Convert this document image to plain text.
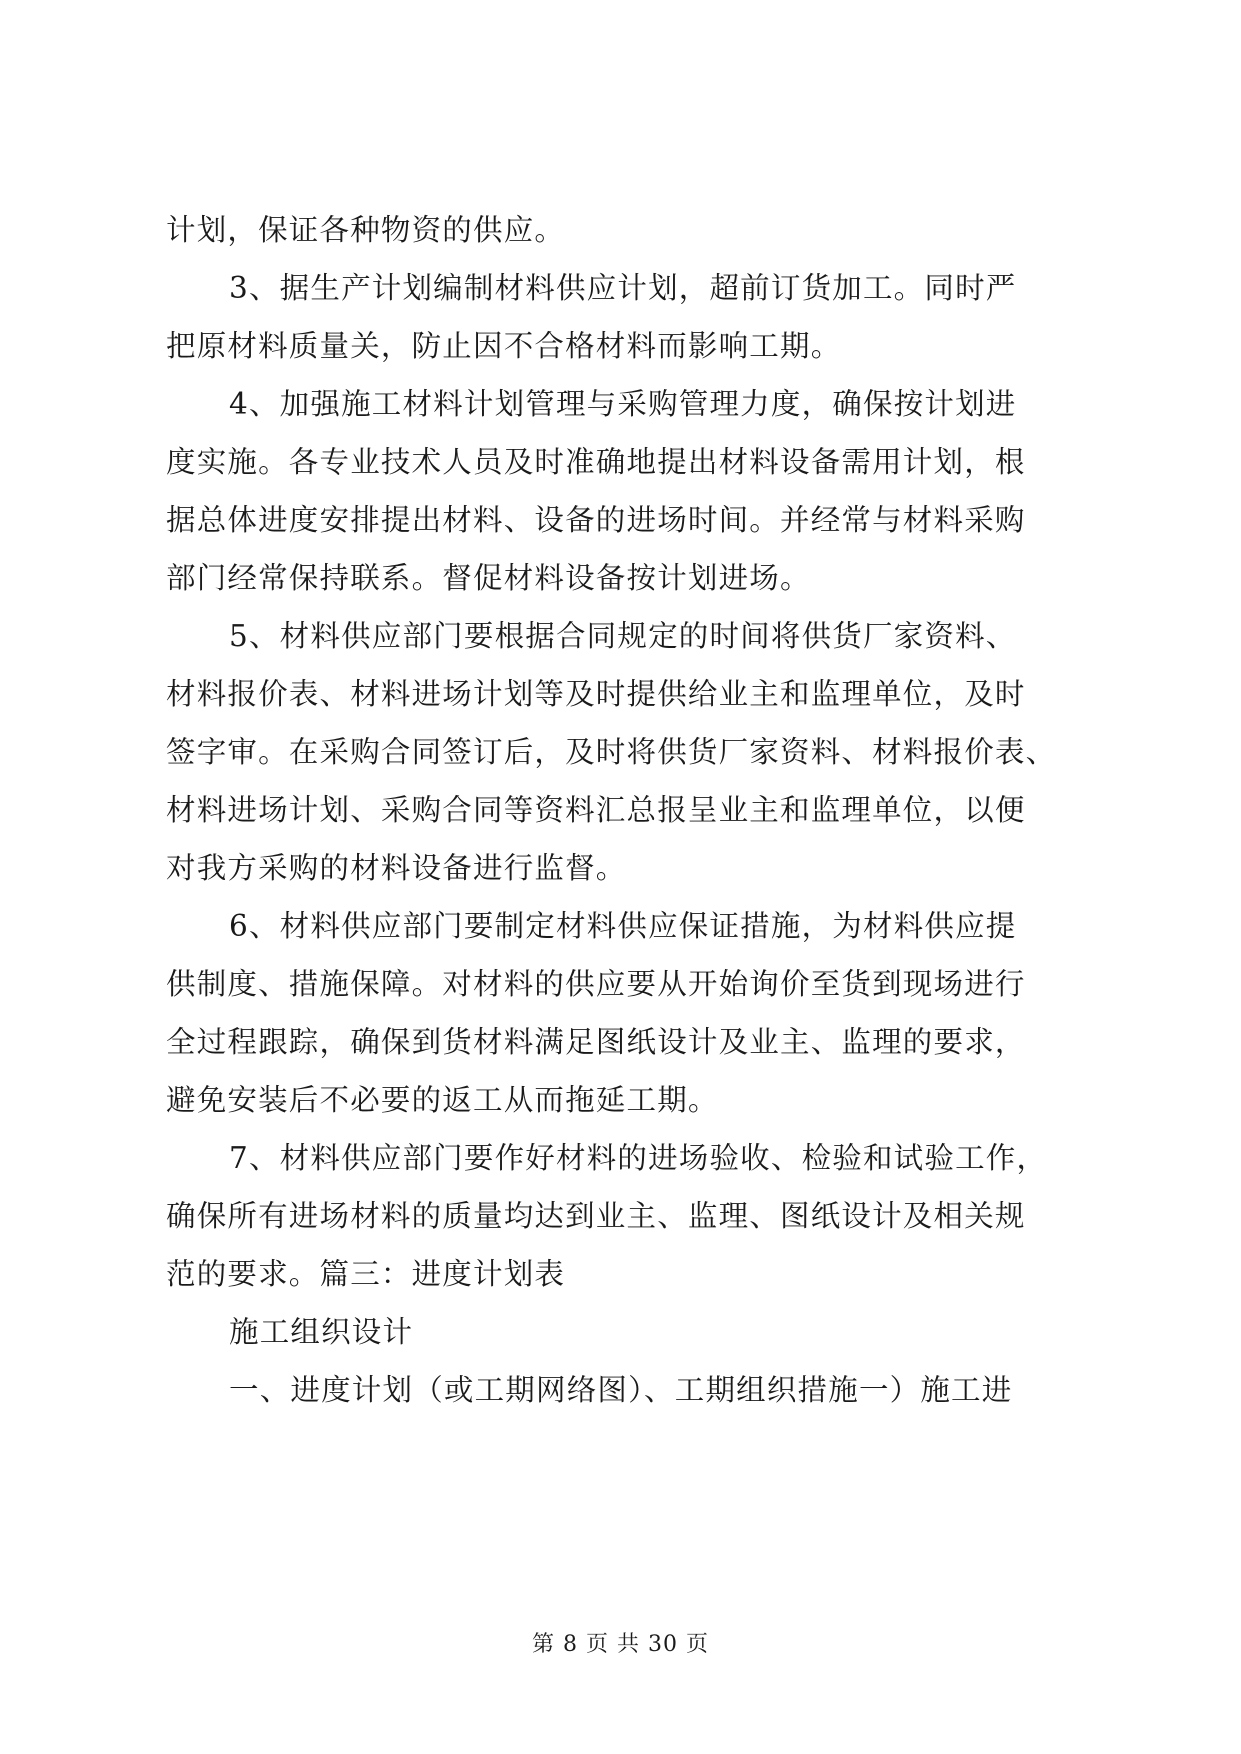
计划，保证各种物资的供应。
3、据生产计划编制材料供应计划，超前订货加工。同时严
把原材料质量关，防止因不合格材料而影响工期。
4、加强施工材料计划管理与采购管理力度，确保按计划进
度实施。各专业技术人员及时准确地提出材料设备需用计划，根
据总体进度安排提出材料、设备的进场时间。并经常与材料采购
部门经常保持联系。督促材料设备按计划进场。
5、材料供应部门要根据合同规定的时间将供货厂家资料、
材料报价表、材料进场计划等及时提供给业主和监理单位，及时
签字审。在采购合同签订后，及时将供货厂家资料、材料报价表、
材料进场计划、采购合同等资料汇总报呈业主和监理单位，以便
对我方采购的材料设备进行监督。
6、材料供应部门要制定材料供应保证措施，为材料供应提
供制度、措施保障。对材料的供应要从开始询价至货到现场进行
全过程跟踪，确保到货材料满足图纸设计及业主、监理的要求，
避免安装后不必要的返工从而拖延工期。
7、材料供应部门要作好材料的进场验收、检验和试验工作，
确保所有进场材料的质量均达到业主、监理、图纸设计及相关规
范的要求。篇三：进度计划表
施工组织设计
一、进度计划（或工期网络图）、工期组织措施一）施工进
第 8 页 共 30 页
